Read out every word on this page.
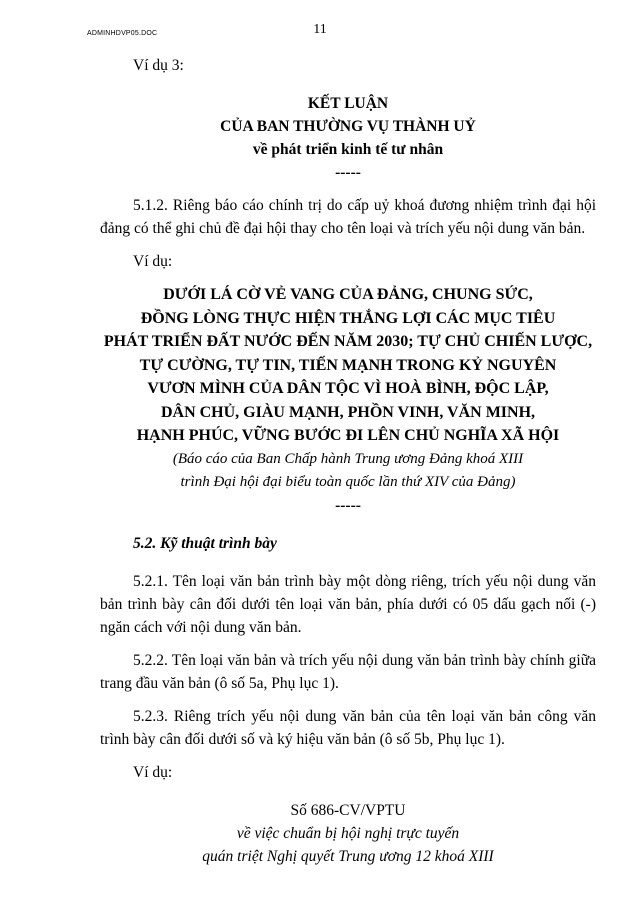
ADMINHDVP05.DOC	11

Ví dụ 3:

KẾT LUẬN

CỦA BAN THƯỜNG VỤ THÀNH UỶ

về phát triển kinh tế tư nhân

-----

5.1.2. Riêng báo cáo chính trị do cấp uỷ khoá đương nhiệm trình đại hội đảng có thể ghi chủ đề đại hội thay cho tên loại và trích yếu nội dung văn bản.

Ví dụ:

DƯỚI LÁ CỜ VẺ VANG CỦA ĐẢNG, CHUNG SỨC,

ĐỒNG LÒNG THỰC HIỆN THẮNG LỢI CÁC MỤC TIÊU

PHÁT TRIỂN ĐẤT NƯỚC ĐẾN NĂM 2030; TỰ CHỦ CHIẾN LƯỢC,

TỰ CƯỜNG, TỰ TIN, TIẾN MẠNH TRONG KỶ NGUYÊN

VƯƠN MÌNH CỦA DÂN TỘC VÌ HOÀ BÌNH, ĐỘC LẬP,

DÂN CHỦ, GIÀU MẠNH, PHỒN VINH, VĂN MINH,

HẠNH PHÚC, VỮNG BƯỚC ĐI LÊN CHỦ NGHĨA XÃ HỘI

(Báo cáo của Ban Chấp hành Trung ương Đảng khoá XIII

trình Đại hội đại biểu toàn quốc lần thứ XIV của Đảng)

-----

5.2. Kỹ thuật trình bày

5.2.1. Tên loại văn bản trình bày một dòng riêng, trích yếu nội dung văn bản trình bày cân đối dưới tên loại văn bản, phía dưới có 05 dấu gạch nối (-) ngăn cách với nội dung văn bản.

5.2.2. Tên loại văn bản và trích yếu nội dung văn bản trình bày chính giữa trang đầu văn bản (ô số 5a, Phụ lục 1).

5.2.3. Riêng trích yếu nội dung văn bản của tên loại văn bản công văn trình bày cân đối dưới số và ký hiệu văn bản (ô số 5b, Phụ lục 1).

Ví dụ:

Số 686-CV/VPTU

về việc chuẩn bị hội nghị trực tuyến

quán triệt Nghị quyết Trung ương 12 khoá XIII
